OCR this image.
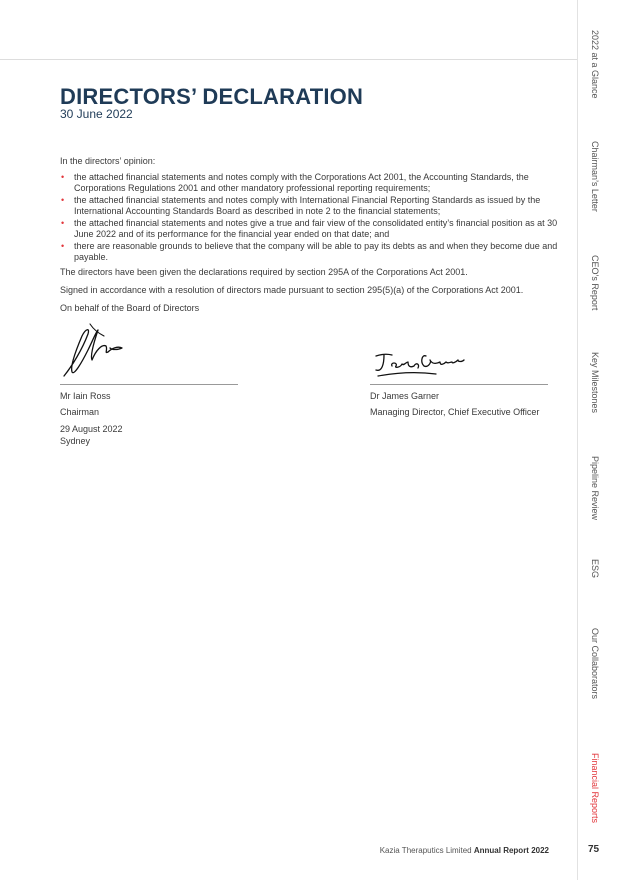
DIRECTORS’ DECLARATION
30 June 2022

In the directors’ opinion:

• the attached financial statements and notes comply with the Corporations Act 2001, the Accounting Standards, the Corporations Regulations 2001 and other mandatory professional reporting requirements;
• the attached financial statements and notes comply with International Financial Reporting Standards as issued by the International Accounting Standards Board as described in note 2 to the financial statements;
• the attached financial statements and notes give a true and fair view of the consolidated entity’s financial position as at 30 June 2022 and of its performance for the financial year ended on that date; and
• there are reasonable grounds to believe that the company will be able to pay its debts as and when they become due and payable.

The directors have been given the declarations required by section 295A of the Corporations Act 2001.

Signed in accordance with a resolution of directors made pursuant to section 295(5)(a) of the Corporations Act 2001.

On behalf of the Board of Directors

Mr Iain Ross
Chairman
Dr James Garner
Managing Director, Chief Executive Officer
29 August 2022
Sydney
2022 at a Glance
Chairman’s Letter
CEO’s Report
Key Milestones
Pipeline Review
ESG
Our Collaborators
Financial Reports
Kazia Theraputics Limited Annual Report 2022	75
